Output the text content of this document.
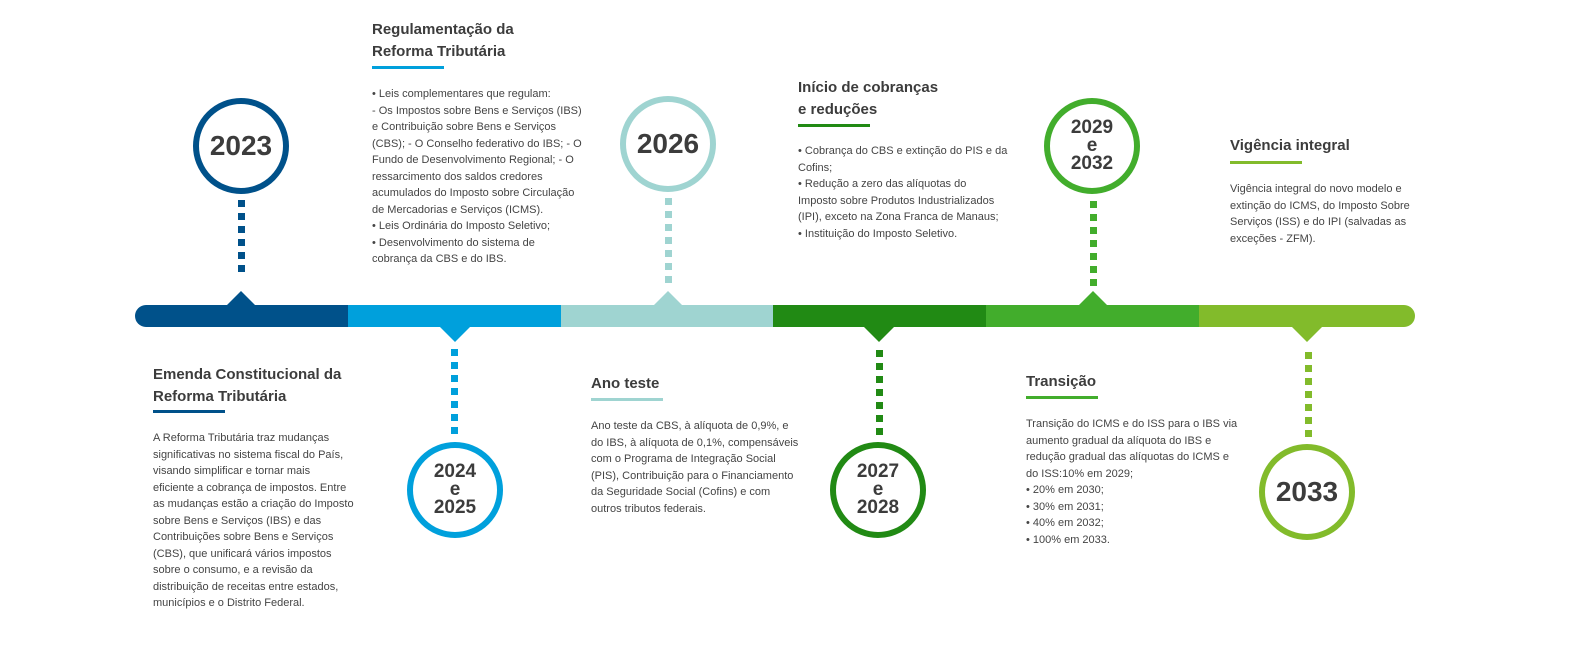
2023
2024
e
2025
2026
2027
e
2028
2029
e
2032
2033
Emenda Constitucional da
Reforma Tributária
A Reforma Tributária traz mudanças
significativas no sistema fiscal do País,
visando simplificar e tornar mais
eficiente a cobrança de impostos. Entre
as mudanças estão a criação do Imposto
sobre Bens e Serviços (IBS) e das
Contribuições sobre Bens e Serviços
(CBS), que unificará vários impostos
sobre o consumo, e a revisão da
distribuição de receitas entre estados,
municípios e o Distrito Federal.
Regulamentação da
Reforma Tributária
• Leis complementares que regulam:
- Os Impostos sobre Bens e Serviços (IBS)
e Contribuição sobre Bens e Serviços
(CBS); - O Conselho federativo do IBS; - O
Fundo de Desenvolvimento Regional; - O
ressarcimento dos saldos credores
acumulados do Imposto sobre Circulação
de Mercadorias e Serviços (ICMS).
• Leis Ordinária do Imposto Seletivo;
• Desenvolvimento do sistema de
cobrança da CBS e do IBS.
Ano teste
Ano teste da CBS, à alíquota de 0,9%, e
do IBS, à alíquota de 0,1%, compensáveis
com o Programa de Integração Social
(PIS), Contribuição para o Financiamento
da Seguridade Social (Cofins) e com
outros tributos federais.
Início de cobranças
e reduções
• Cobrança do CBS e extinção do PIS e da
Cofins;
• Redução a zero das alíquotas do
Imposto sobre Produtos Industrializados
(IPI), exceto na Zona Franca de Manaus;
• Instituição do Imposto Seletivo.
Transição
Transição do ICMS e do ISS para o IBS via
aumento gradual da alíquota do IBS e
redução gradual das alíquotas do ICMS e
do ISS:10% em 2029;
• 20% em 2030;
• 30% em 2031;
• 40% em 2032;
• 100% em 2033.
Vigência integral
Vigência integral do novo modelo e
extinção do ICMS, do Imposto Sobre
Serviços (ISS) e do IPI (salvadas as
exceções - ZFM).
